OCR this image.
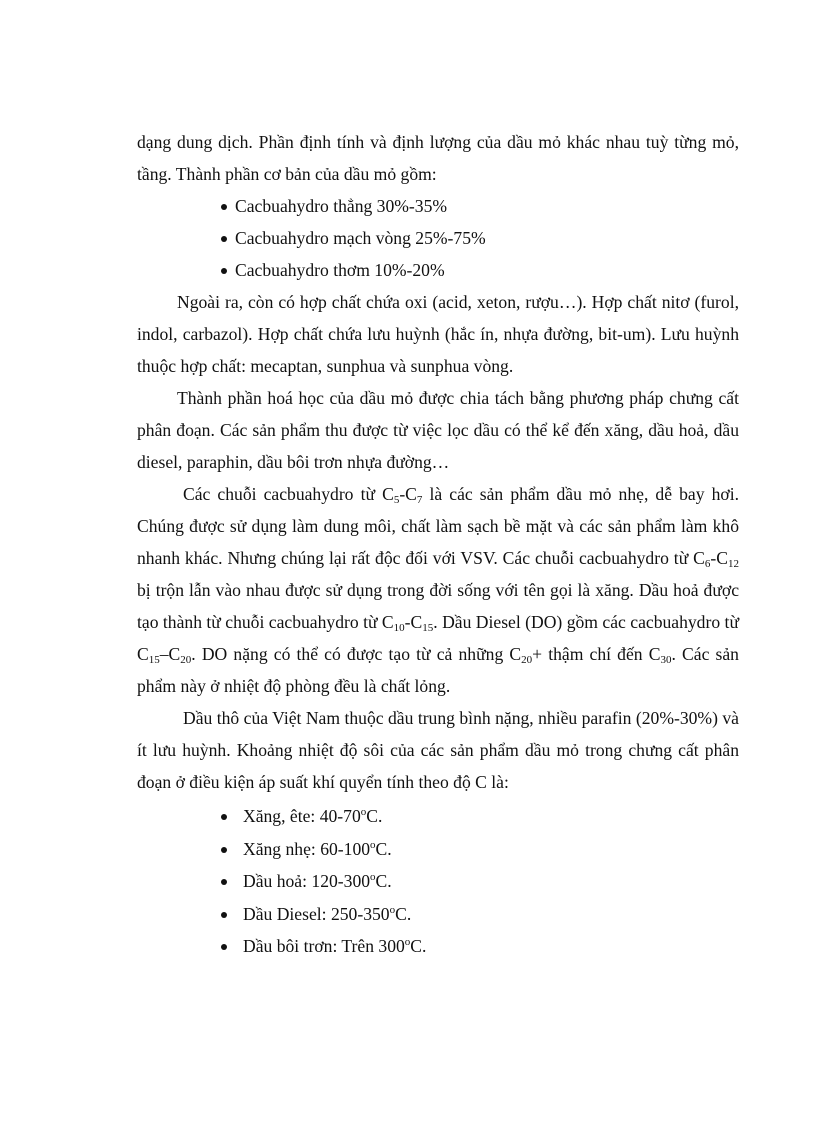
dạng dung dịch. Phần định tính và định lượng của dầu mỏ khác nhau tuỳ từng mỏ, tầng. Thành phần cơ bản của dầu mỏ gồm:

Cacbuahydro thẳng 30%-35%
Cacbuahydro mạch vòng 25%-75%
Cacbuahydro thơm 10%-20%

Ngoài ra, còn có hợp chất chứa oxi (acid, xeton, rượu…). Hợp chất nitơ (furol, indol, carbazol). Hợp chất chứa lưu huỳnh (hắc ín, nhựa đường, bit-um). Lưu huỳnh thuộc hợp chất: mecaptan, sunphua và sunphua vòng.

Thành phần hoá học của dầu mỏ được chia tách bằng phương pháp chưng cất phân đoạn. Các sản phẩm thu được từ việc lọc dầu có thể kể đến xăng, dầu hoả, dầu diesel, paraphin, dầu bôi trơn nhựa đường…

Các chuỗi cacbuahydro từ $C_5-C_7$ là các sản phẩm dầu mỏ nhẹ, dễ bay hơi. Chúng được sử dụng làm dung môi, chất làm sạch bề mặt và các sản phẩm làm khô nhanh khác. Nhưng chúng lại rất độc đối với VSV. Các chuỗi cacbuahydro từ $C_6-C_{12}$ bị trộn lẫn vào nhau được sử dụng trong đời sống với tên gọi là xăng. Dầu hoả được tạo thành từ chuỗi cacbuahydro từ $C_{10}-C_{15}$. Dầu Diesel (DO) gồm các cacbuahydro từ $C_{15}-C_{20}$. DO nặng có thể có được tạo từ cả những $C_{20}+$ thậm chí đến $C_{30}$. Các sản phẩm này ở nhiệt độ phòng đều là chất lỏng.

Dầu thô của Việt Nam thuộc dầu trung bình nặng, nhiều parafin (20%-30%) và ít lưu huỳnh. Khoảng nhiệt độ sôi của các sản phẩm dầu mỏ trong chưng cất phân đoạn ở điều kiện áp suất khí quyển tính theo độ C là:

Xăng, ête: 40-70$^o$C.
Xăng nhẹ: 60-100$^o$C.
Dầu hoả: 120-300$^o$C.
Dầu Diesel: 250-350$^o$C.
Dầu bôi trơn: Trên 300$^o$C.
